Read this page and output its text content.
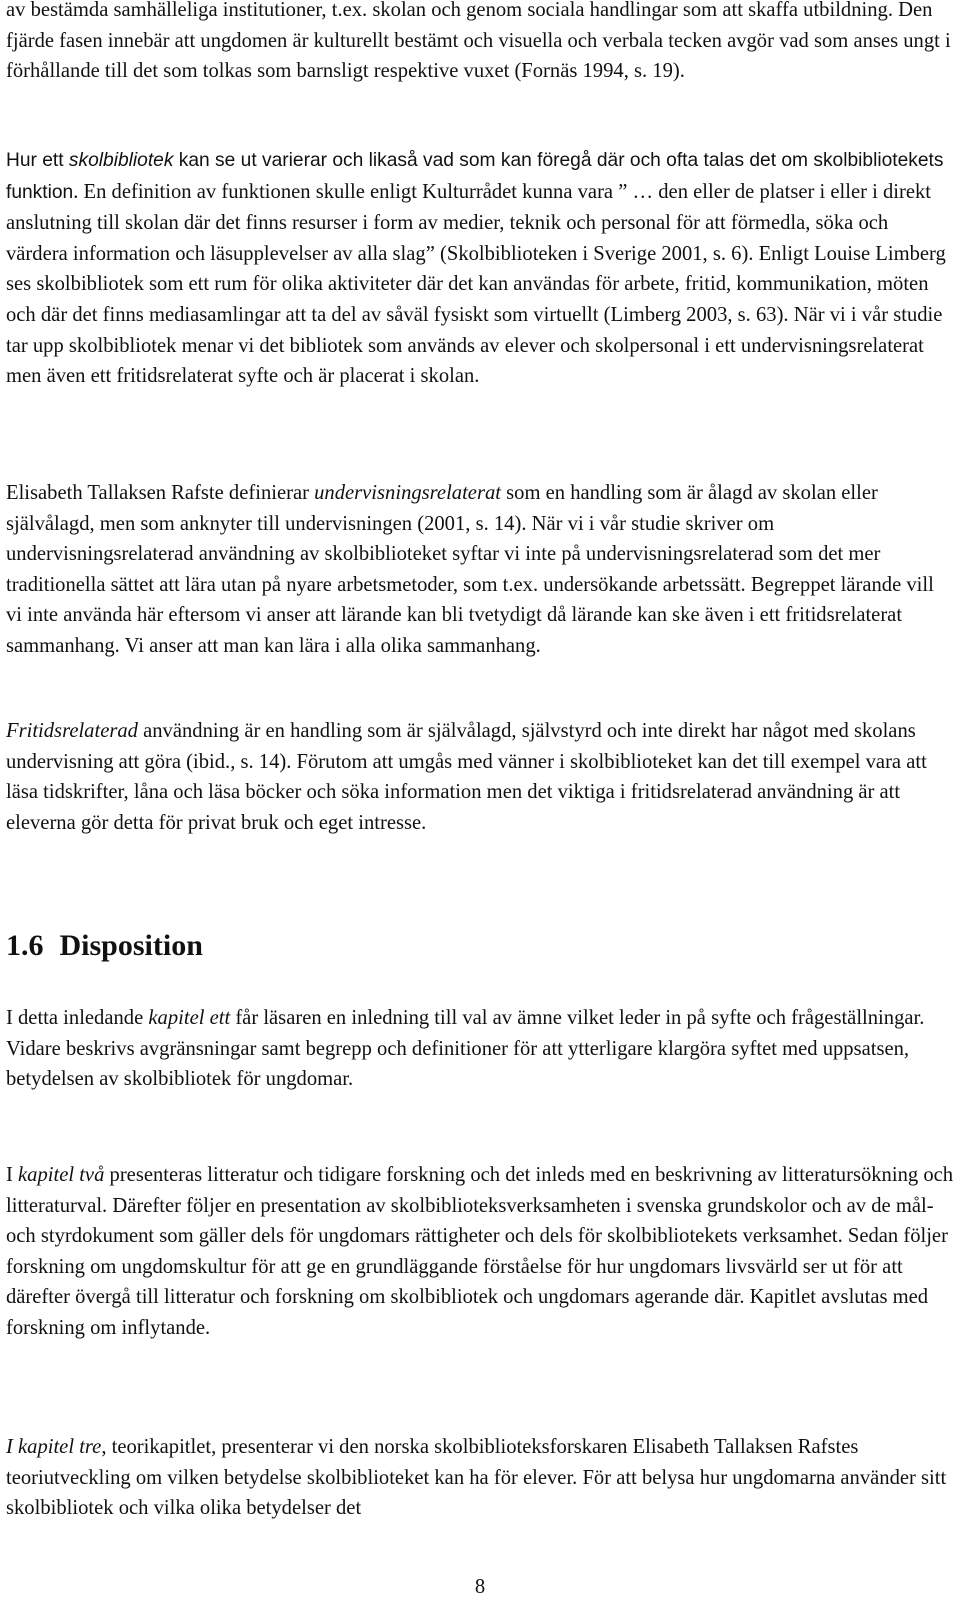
av bestämda samhälleliga institutioner, t.ex. skolan och genom sociala handlingar som att skaffa utbildning. Den fjärde fasen innebär att ungdomen är kulturellt bestämt och visuella och verbala tecken avgör vad som anses ungt i förhållande till det som tolkas som barnsligt respektive vuxet (Fornäs 1994, s. 19).

Hur ett skolbibliotek kan se ut varierar och likaså vad som kan föregå där och ofta talas det om skolbibliotekets funktion. En definition av funktionen skulle enligt Kulturrådet kunna vara ” … den eller de platser i eller i direkt anslutning till skolan där det finns resurser i form av medier, teknik och personal för att förmedla, söka och värdera information och läsupplevelser av alla slag” (Skolbiblioteken i Sverige 2001, s. 6). Enligt Louise Limberg ses skolbibliotek som ett rum för olika aktiviteter där det kan användas för arbete, fritid, kommunikation, möten och där det finns mediasamlingar att ta del av såväl fysiskt som virtuellt (Limberg 2003, s. 63). När vi i vår studie tar upp skolbibliotek menar vi det bibliotek som används av elever och skolpersonal i ett undervisningsrelaterat men även ett fritidsrelaterat syfte och är placerat i skolan.

Elisabeth Tallaksen Rafste definierar undervisningsrelaterat som en handling som är ålagd av skolan eller självålagd, men som anknyter till undervisningen (2001, s. 14). När vi i vår studie skriver om undervisningsrelaterad användning av skolbiblioteket syftar vi inte på undervisningsrelaterad som det mer traditionella sättet att lära utan på nyare arbetsmetoder, som t.ex. undersökande arbetssätt. Begreppet lärande vill vi inte använda här eftersom vi anser att lärande kan bli tvetydigt då lärande kan ske även i ett fritidsrelaterat sammanhang. Vi anser att man kan lära i alla olika sammanhang.

Fritidsrelaterad användning är en handling som är självålagd, självstyrd och inte direkt har något med skolans undervisning att göra (ibid., s. 14). Förutom att umgås med vänner i skolbiblioteket kan det till exempel vara att läsa tidskrifter, låna och läsa böcker och söka information men det viktiga i fritidsrelaterad användning är att eleverna gör detta för privat bruk och eget intresse.

1.6 Disposition

I detta inledande kapitel ett får läsaren en inledning till val av ämne vilket leder in på syfte och frågeställningar. Vidare beskrivs avgränsningar samt begrepp och definitioner för att ytterligare klargöra syftet med uppsatsen, betydelsen av skolbibliotek för ungdomar.

I kapitel två presenteras litteratur och tidigare forskning och det inleds med en beskrivning av litteratursökning och litteraturval. Därefter följer en presentation av skolbiblioteksverksamheten i svenska grundskolor och av de mål- och styrdokument som gäller dels för ungdomars rättigheter och dels för skolbibliotekets verksamhet. Sedan följer forskning om ungdomskultur för att ge en grundläggande förståelse för hur ungdomars livsvärld ser ut för att därefter övergå till litteratur och forskning om skolbibliotek och ungdomars agerande där. Kapitlet avslutas med forskning om inflytande.

I kapitel tre, teorikapitlet, presenterar vi den norska skolbiblioteksforskaren Elisabeth Tallaksen Rafstes teoriutveckling om vilken betydelse skolbiblioteket kan ha för elever. För att belysa hur ungdomarna använder sitt skolbibliotek och vilka olika betydelser det

8
